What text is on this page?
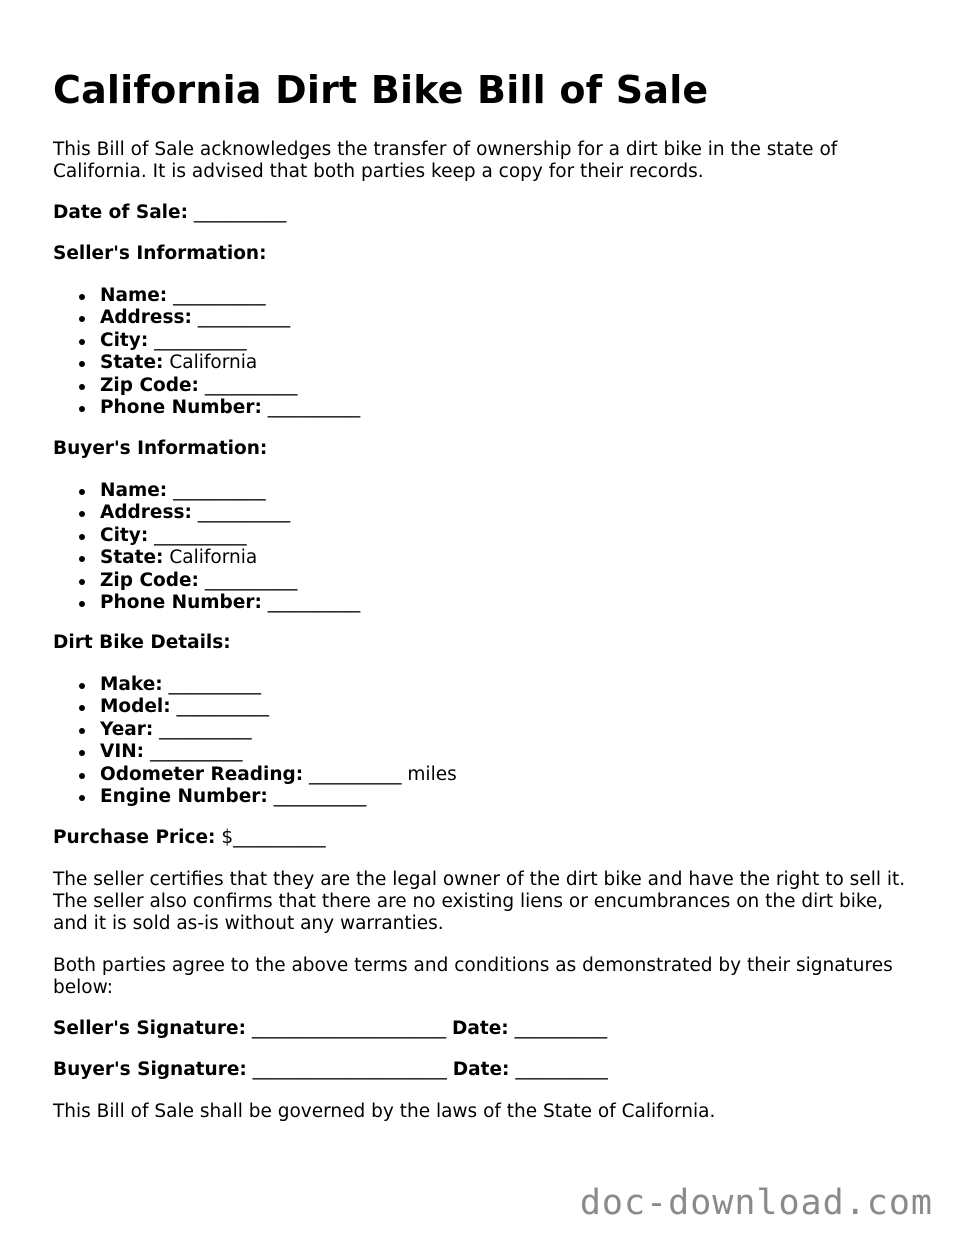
California Dirt Bike Bill of Sale

This Bill of Sale acknowledges the transfer of ownership for a dirt bike in the state of California. It is advised that both parties keep a copy for their records.

Date of Sale: __________

Seller's Information:

Name: __________
Address: __________
City: __________
State: California
Zip Code: __________
Phone Number: __________

Buyer's Information:

Name: __________
Address: __________
City: __________
State: California
Zip Code: __________
Phone Number: __________

Dirt Bike Details:

Make: __________
Model: __________
Year: __________
VIN: __________
Odometer Reading: __________ miles
Engine Number: __________

Purchase Price: $__________

The seller certifies that they are the legal owner of the dirt bike and have the right to sell it. The seller also confirms that there are no existing liens or encumbrances on the dirt bike, and it is sold as-is without any warranties.

Both parties agree to the above terms and conditions as demonstrated by their signatures below:

Seller's Signature: _____________________ Date: __________

Buyer's Signature: _____________________ Date: __________

This Bill of Sale shall be governed by the laws of the State of California.

doc-download.com
